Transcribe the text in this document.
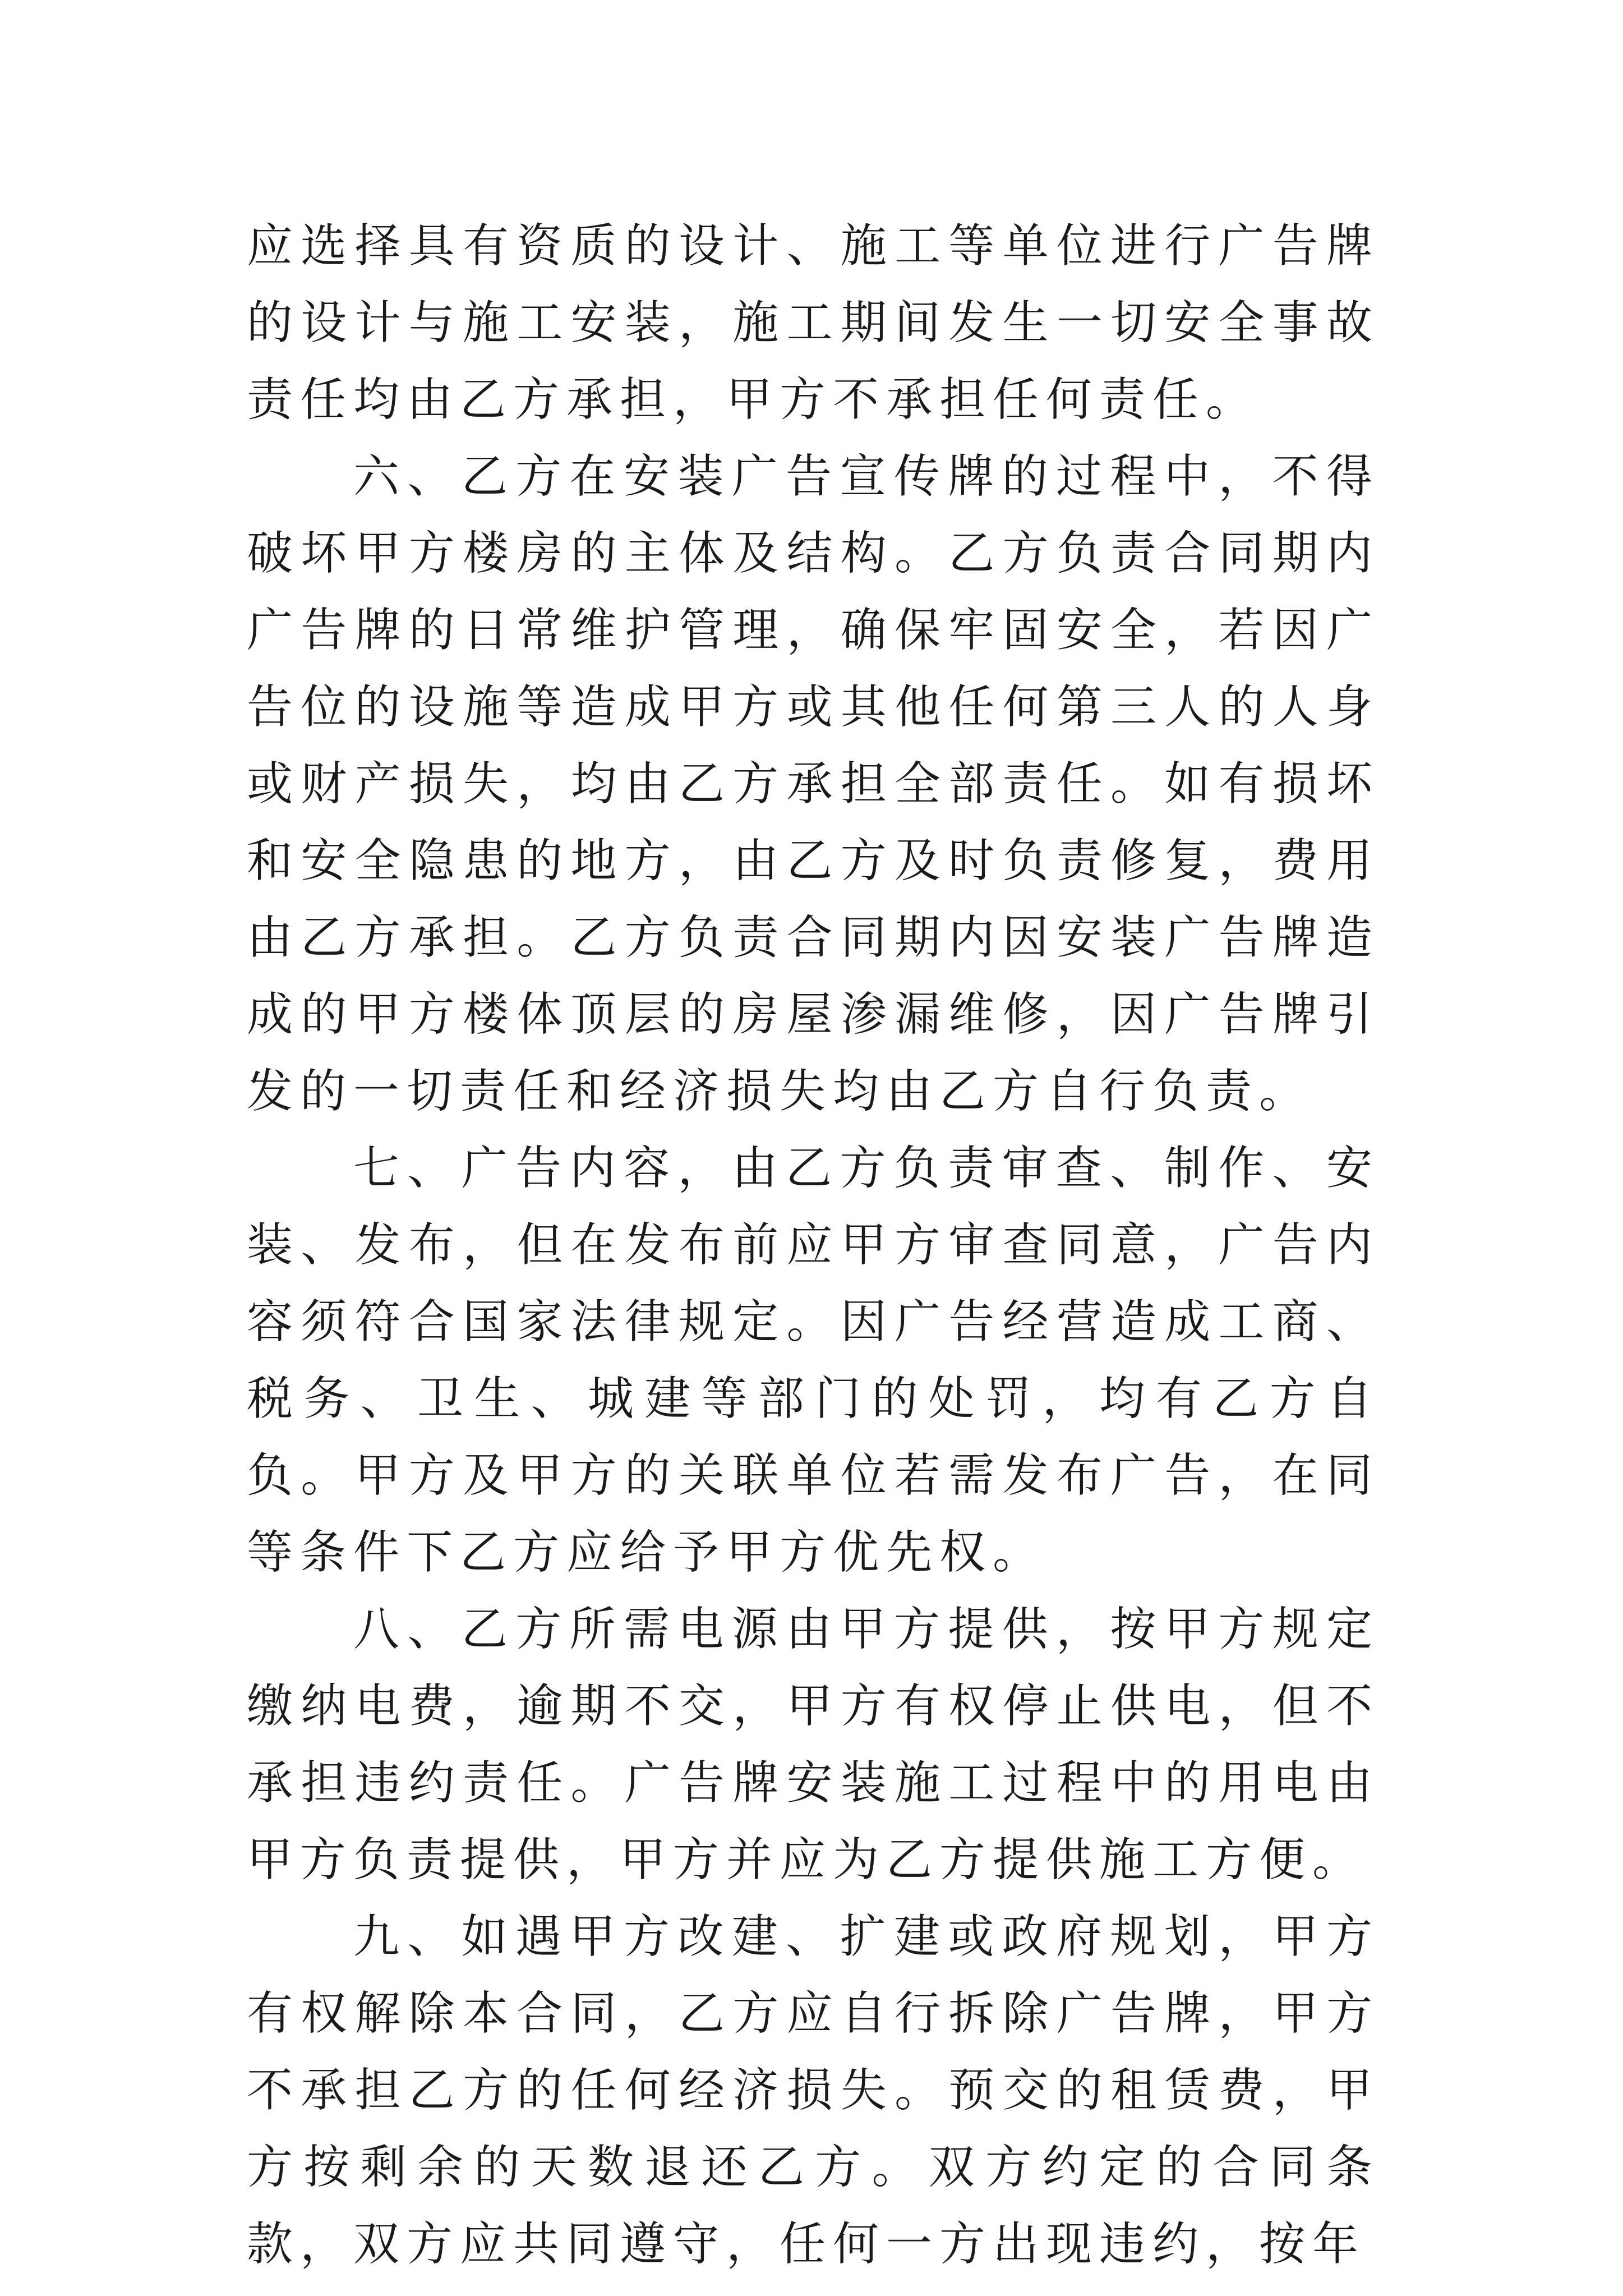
应选择具有资质的设计、施工等单位进行广告牌的设计与施工安装，施工期间发生一切安全事故责任均由乙方承担，甲方不承担任何责任。

六、乙方在安装广告宣传牌的过程中，不得破坏甲方楼房的主体及结构。乙方负责合同期内广告牌的日常维护管理，确保牢固安全，若因广告位的设施等造成甲方或其他任何第三人的人身或财产损失，均由乙方承担全部责任。如有损坏和安全隐患的地方，由乙方及时负责修复，费用由乙方承担。乙方负责合同期内因安装广告牌造成的甲方楼体顶层的房屋渗漏维修，因广告牌引发的一切责任和经济损失均由乙方自行负责。

七、广告内容，由乙方负责审查、制作、安装、发布，但在发布前应甲方审查同意，广告内容须符合国家法律规定。因广告经营造成工商、税务、卫生、城建等部门的处罚，均有乙方自负。甲方及甲方的关联单位若需发布广告，在同等条件下乙方应给予甲方优先权。

八、乙方所需电源由甲方提供，按甲方规定缴纳电费，逾期不交，甲方有权停止供电，但不承担违约责任。广告牌安装施工过程中的用电由甲方负责提供，甲方并应为乙方提供施工方便。

九、如遇甲方改建、扩建或政府规划，甲方有权解除本合同，乙方应自行拆除广告牌，甲方不承担乙方的任何经济损失。预交的租赁费，甲方按剩余的天数退还乙方。双方约定的合同条款，双方应共同遵守，任何一方出现违约，按年
